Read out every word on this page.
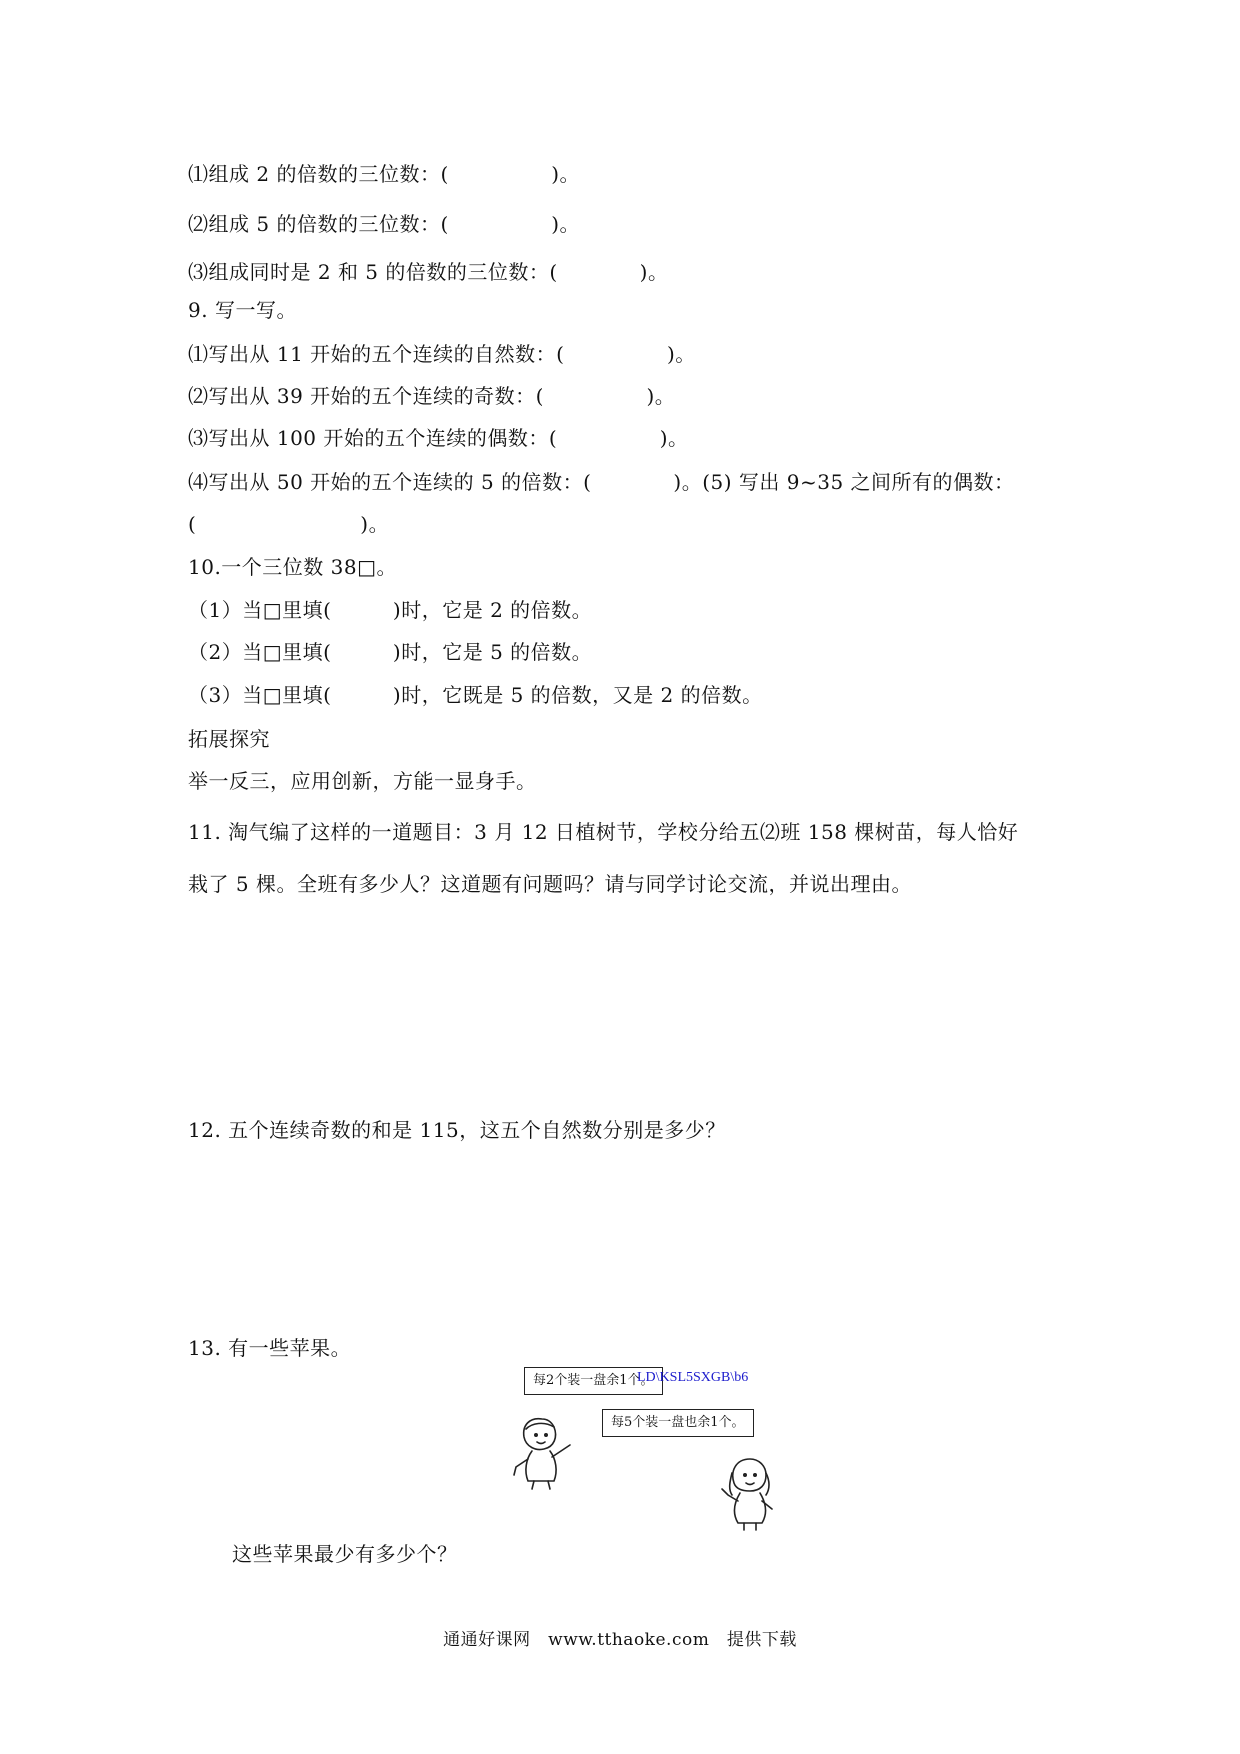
⑴组成 2 的倍数的三位数：(　　　　　)。

⑵组成 5 的倍数的三位数：(　　　　　)。

⑶组成同时是 2 和 5 的倍数的三位数：(　　　　)。

9. 写一写。

⑴写出从 11 开始的五个连续的自然数：(　　　　　)。

⑵写出从 39 开始的五个连续的奇数：(　　　　　)。

⑶写出从 100 开始的五个连续的偶数：(　　　　　)。

⑷写出从 50 开始的五个连续的 5 的倍数：(　　　　)。(5) 写出 9~35 之间所有的偶数：

(　　　　　　　　)。

10.一个三位数 38□。

（1）当□里填(　　　)时，它是 2 的倍数。

（2）当□里填(　　　)时，它是 5 的倍数。

（3）当□里填(　　　)时，它既是 5 的倍数，又是 2 的倍数。

拓展探究

举一反三，应用创新，方能一显身手。

11. 淘气编了这样的一道题目：3 月 12 日植树节，学校分给五⑵班 158 棵树苗，每人恰好

栽了 5 棵。全班有多少人？这道题有问题吗？请与同学讨论交流，并说出理由。

12. 五个连续奇数的和是 115，这五个自然数分别是多少？

13. 有一些苹果。

每2个装一盘余1个。
LD\KSL5SXGB\b6
每5个装一盘也余1个。

这些苹果最少有多少个？

通通好课网　www.tthaoke.com　提供下载
